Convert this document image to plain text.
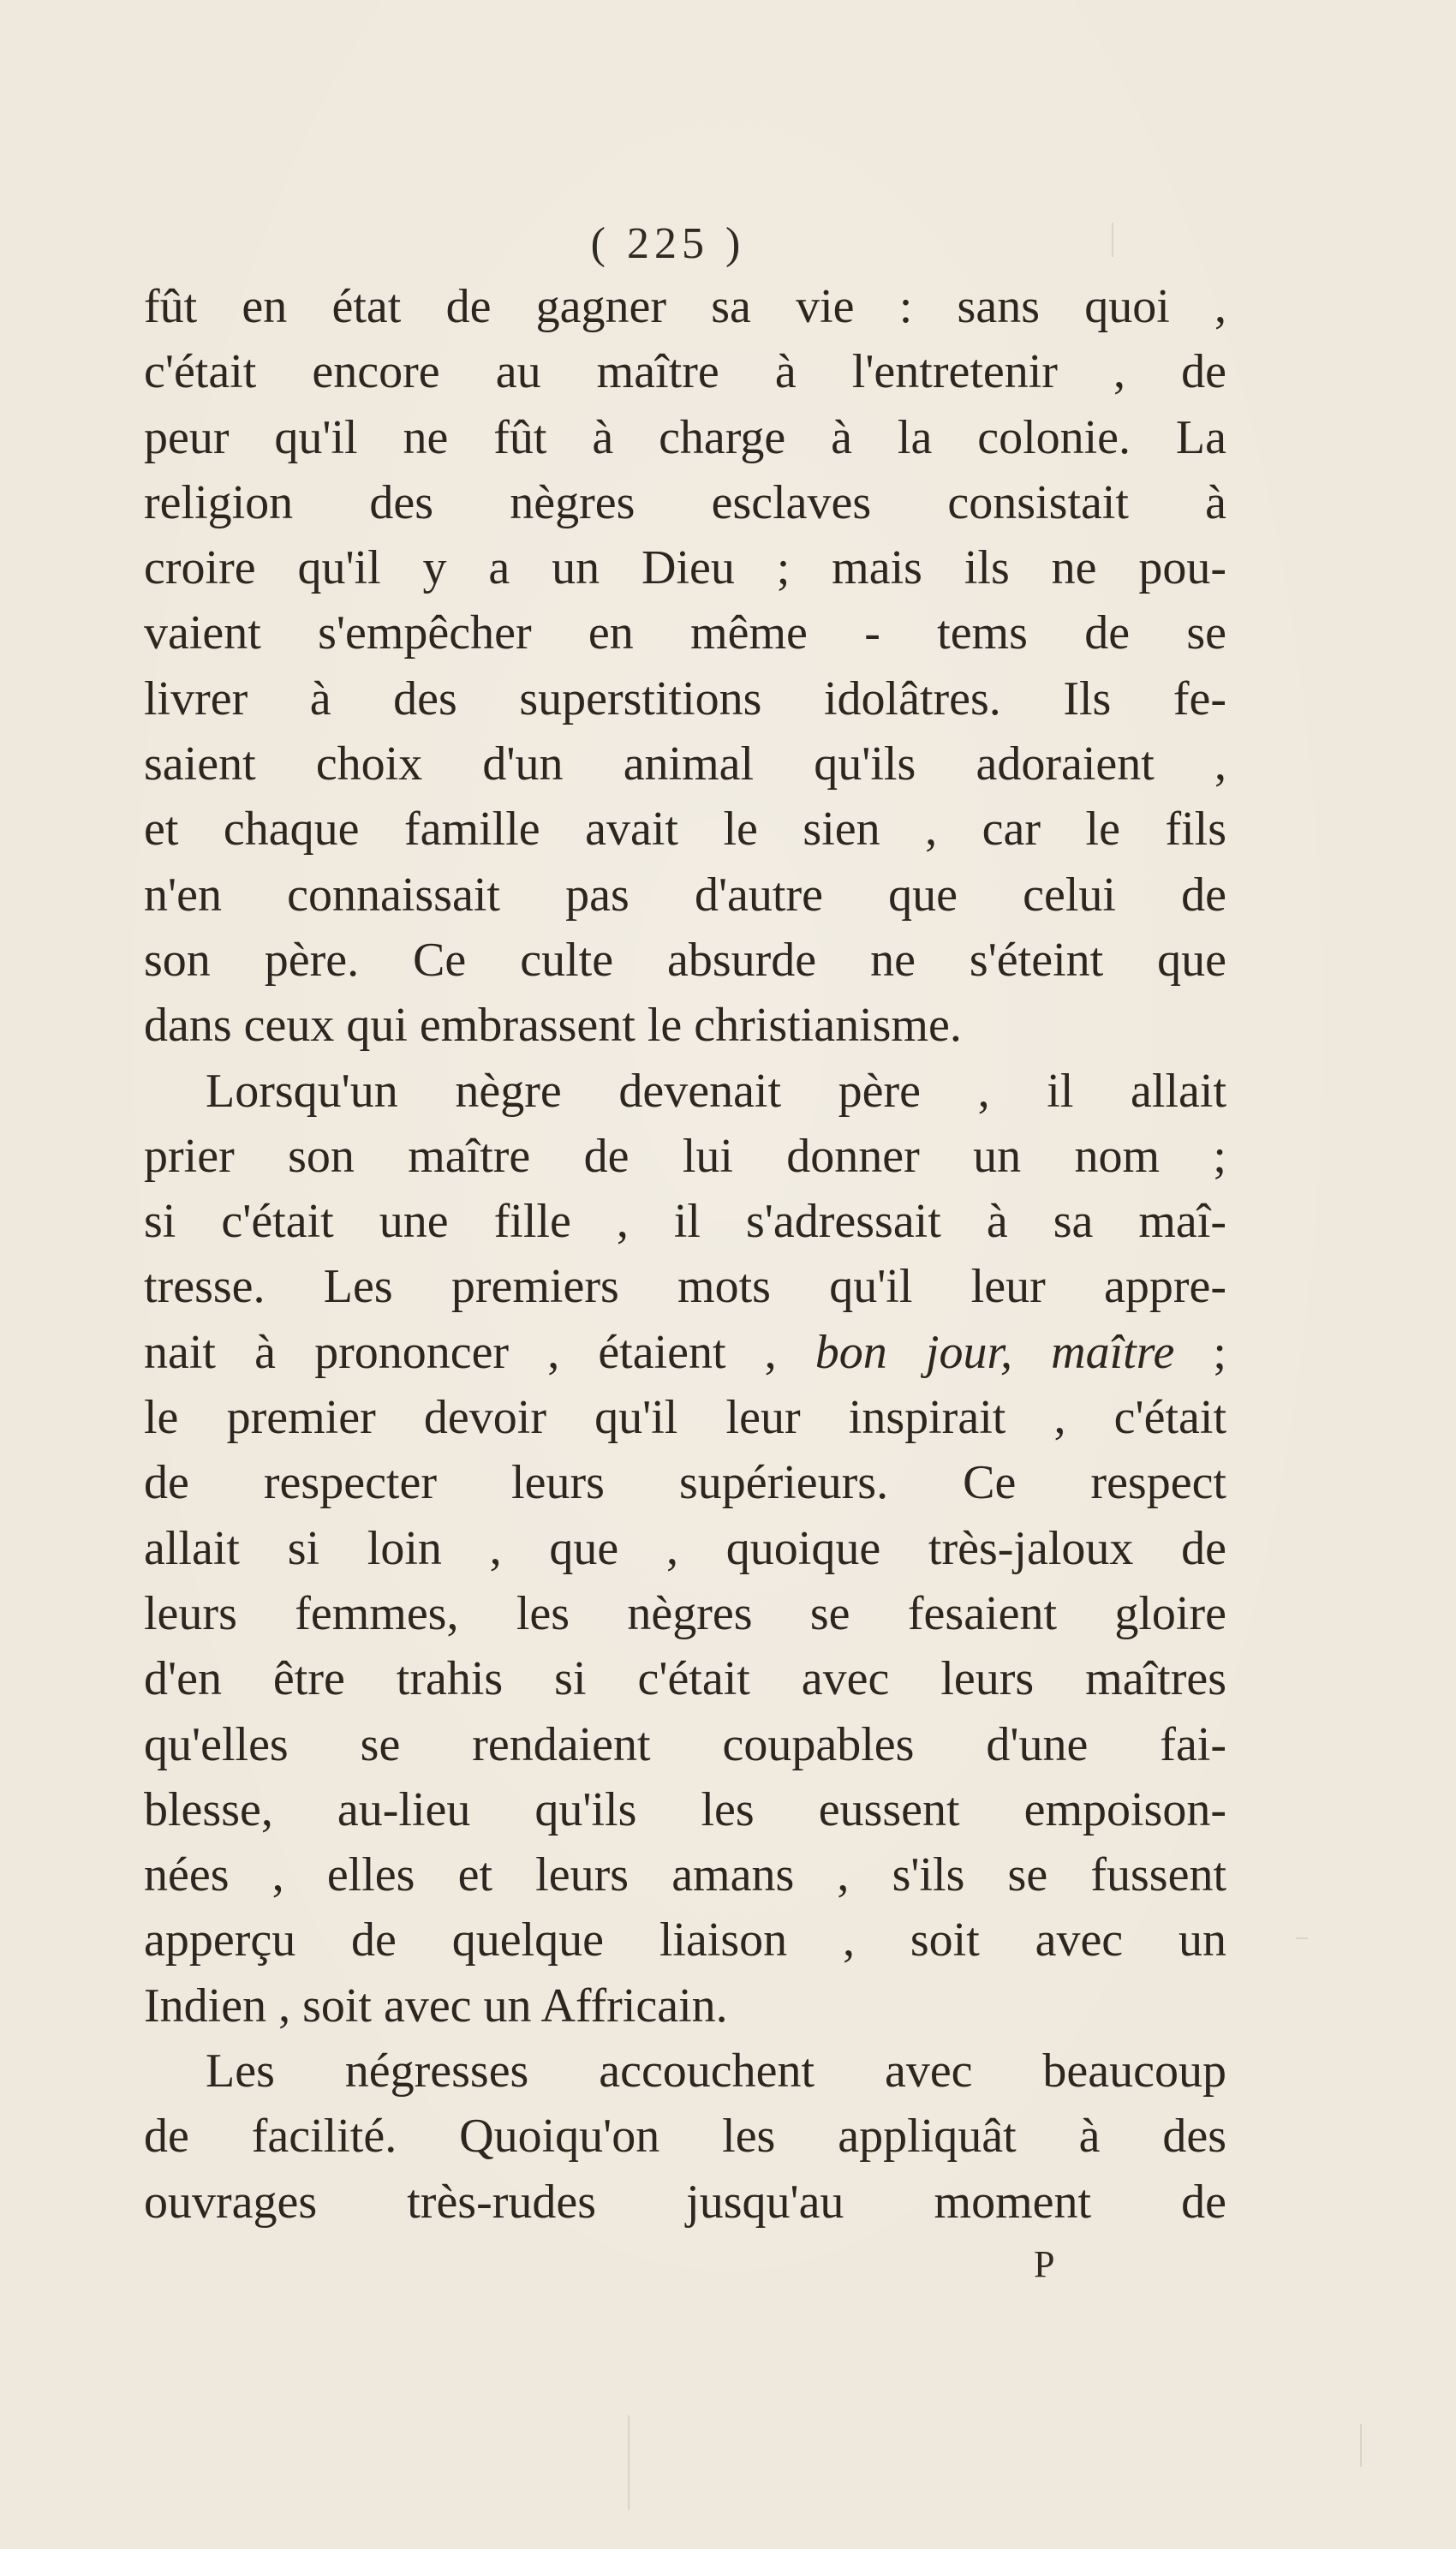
( 225 )
fût en état de gagner sa vie : sans quoi ,
c'était encore au maître à l'entretenir , de
peur qu'il ne fût à charge à la colonie. La
religion des nègres esclaves consistait à
croire qu'il y a un Dieu ; mais ils ne pou-
vaient s'empêcher en même - tems de se
livrer à des superstitions idolâtres. Ils fe-
saient choix d'un animal qu'ils adoraient ,
et chaque famille avait le sien , car le fils
n'en connaissait pas d'autre que celui de
son père. Ce culte absurde ne s'éteint que
dans ceux qui embrassent le christianisme.
Lorsqu'un nègre devenait père , il allait
prier son maître de lui donner un nom ;
si c'était une fille , il s'adressait à sa maî-
tresse. Les premiers mots qu'il leur appre-
nait à prononcer , étaient , bon jour, maître ;
le premier devoir qu'il leur inspirait , c'était
de respecter leurs supérieurs. Ce respect
allait si loin , que , quoique très-jaloux de
leurs femmes, les nègres se fesaient gloire
d'en être trahis si c'était avec leurs maîtres
qu'elles se rendaient coupables d'une fai-
blesse, au-lieu qu'ils les eussent empoison-
nées , elles et leurs amans , s'ils se fussent
apperçu de quelque liaison , soit avec un
Indien , soit avec un Affricain.
Les négresses accouchent avec beaucoup
de facilité. Quoiqu'on les appliquât à des
ouvrages très-rudes jusqu'au moment de
P
